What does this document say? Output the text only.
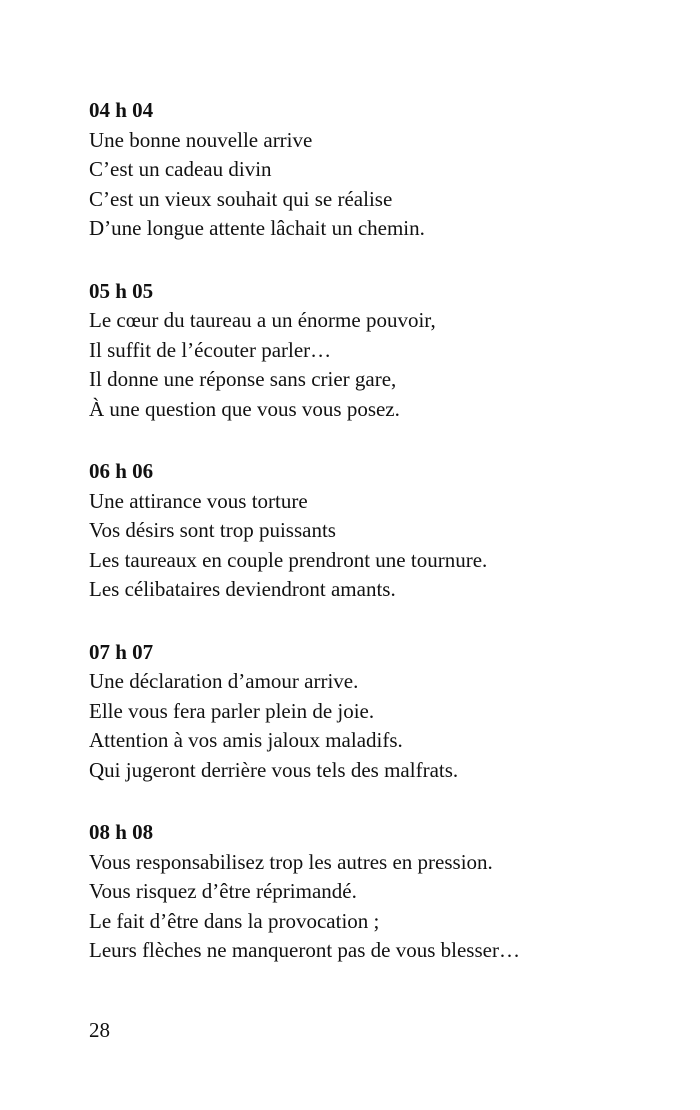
04 h 04
Une bonne nouvelle arrive
C’est un cadeau divin
C’est un vieux souhait qui se réalise
D’une longue attente lâchait un chemin.
05 h 05
Le cœur du taureau a un énorme pouvoir,
Il suffit de l’écouter parler…
Il donne une réponse sans crier gare,
À une question que vous vous posez.
06 h 06
Une attirance vous torture
Vos désirs sont trop puissants
Les taureaux en couple prendront une tournure.
Les célibataires deviendront amants.
07 h 07
Une déclaration d’amour arrive.
Elle vous fera parler plein de joie.
Attention à vos amis jaloux maladifs.
Qui jugeront derrière vous tels des malfrats.
08 h 08
Vous responsabilisez trop les autres en pression.
Vous risquez d’être réprimandé.
Le fait d’être dans la provocation ;
Leurs flèches ne manqueront pas de vous blesser…
28
